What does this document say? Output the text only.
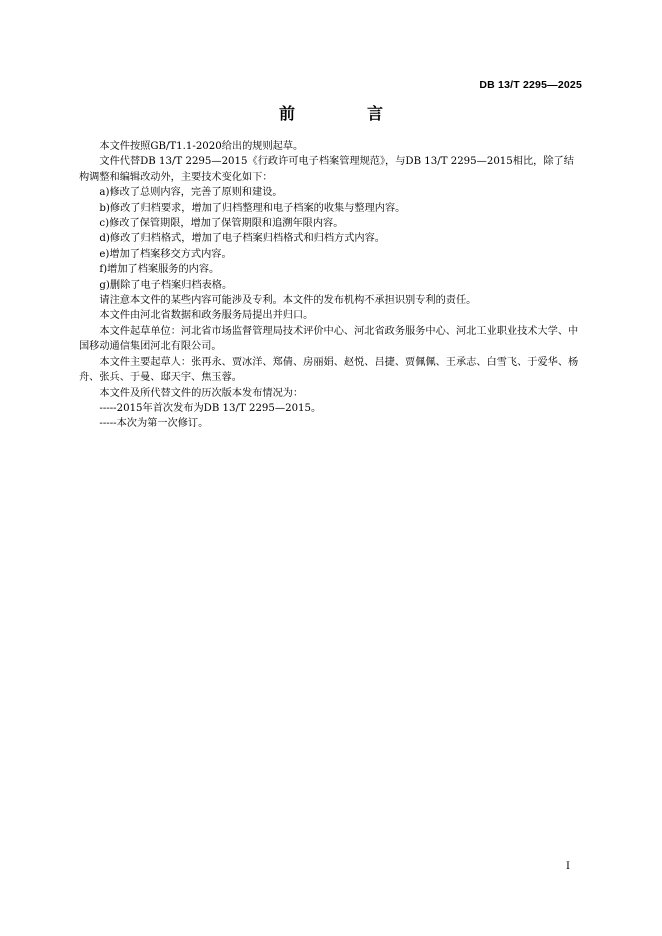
DB 13/T 2295—2025
前　言

本文件按照GB/T1.1-2020给出的规则起草。

文件代替DB 13/T 2295—2015《行政许可电子档案管理规范》，与DB 13/T 2295—2015相比，除了结构调整和编辑改动外，主要技术变化如下：

a)修改了总则内容，完善了原则和建设。

b)修改了归档要求，增加了归档整理和电子档案的收集与整理内容。

c)修改了保管期限，增加了保管期限和追溯年限内容。

d)修改了归档格式，增加了电子档案归档格式和归档方式内容。

e)增加了档案移交方式内容。

f)增加了档案服务的内容。

g)删除了电子档案归档表格。

请注意本文件的某些内容可能涉及专利。本文件的发布机构不承担识别专利的责任。

本文件由河北省数据和政务服务局提出并归口。

本文件起草单位：河北省市场监督管理局技术评价中心、河北省政务服务中心、河北工业职业技术大学、中国移动通信集团河北有限公司。

本文件主要起草人：张再永、贾冰洋、郑倩、房丽娟、赵悦、吕捷、贾佩佩、王承志、白雪飞、于爱华、杨舟、张兵、于曼、邸天宇、焦玉蓉。

本文件及所代替文件的历次版本发布情况为：

-----2015年首次发布为DB 13/T 2295—2015。

-----本次为第一次修订。

I
